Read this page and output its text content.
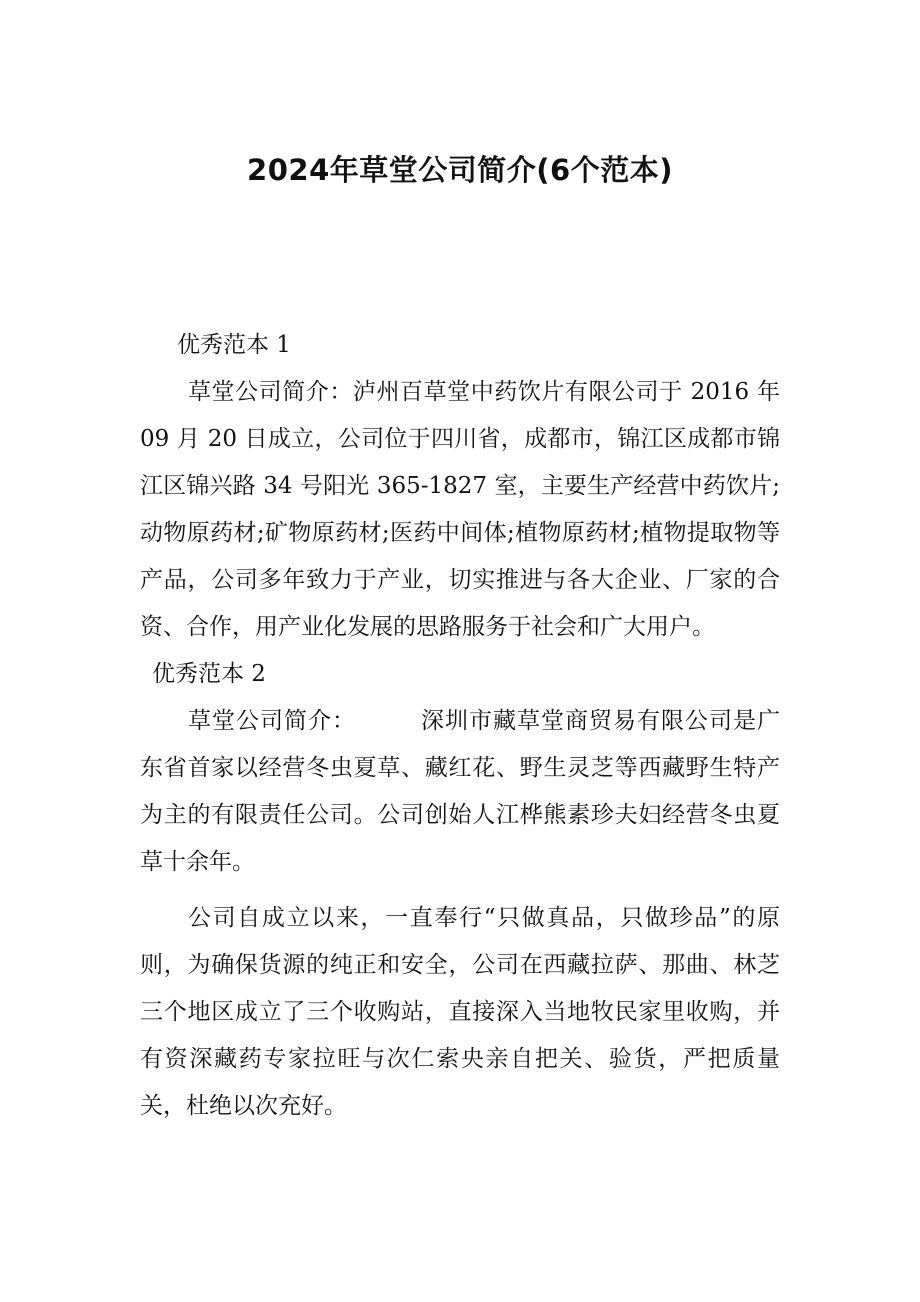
2024年草堂公司简介(6个范本)
优秀范本 1

草堂公司简介：泸州百草堂中药饮片有限公司于 2016 年 09 月 20 日成立，公司位于四川省，成都市，锦江区成都市锦江区锦兴路 34 号阳光 365-1827 室，主要生产经营中药饮片;动物原药材;矿物原药材;医药中间体;植物原药材;植物提取物等产品，公司多年致力于产业，切实推进与各大企业、厂家的合资、合作，用产业化发展的思路服务于社会和广大用户。

优秀范本 2

草堂公司简介：	深圳市藏草堂商贸易有限公司是广东省首家以经营冬虫夏草、藏红花、野生灵芝等西藏野生特产为主的有限责任公司。公司创始人江桦熊素珍夫妇经营冬虫夏草十余年。

公司自成立以来，一直奉行“只做真品，只做珍品”的原则，为确保货源的纯正和安全，公司在西藏拉萨、那曲、林芝三个地区成立了三个收购站，直接深入当地牧民家里收购，并有资深藏药专家拉旺与次仁索央亲自把关、验货，严把质量关，杜绝以次充好。
